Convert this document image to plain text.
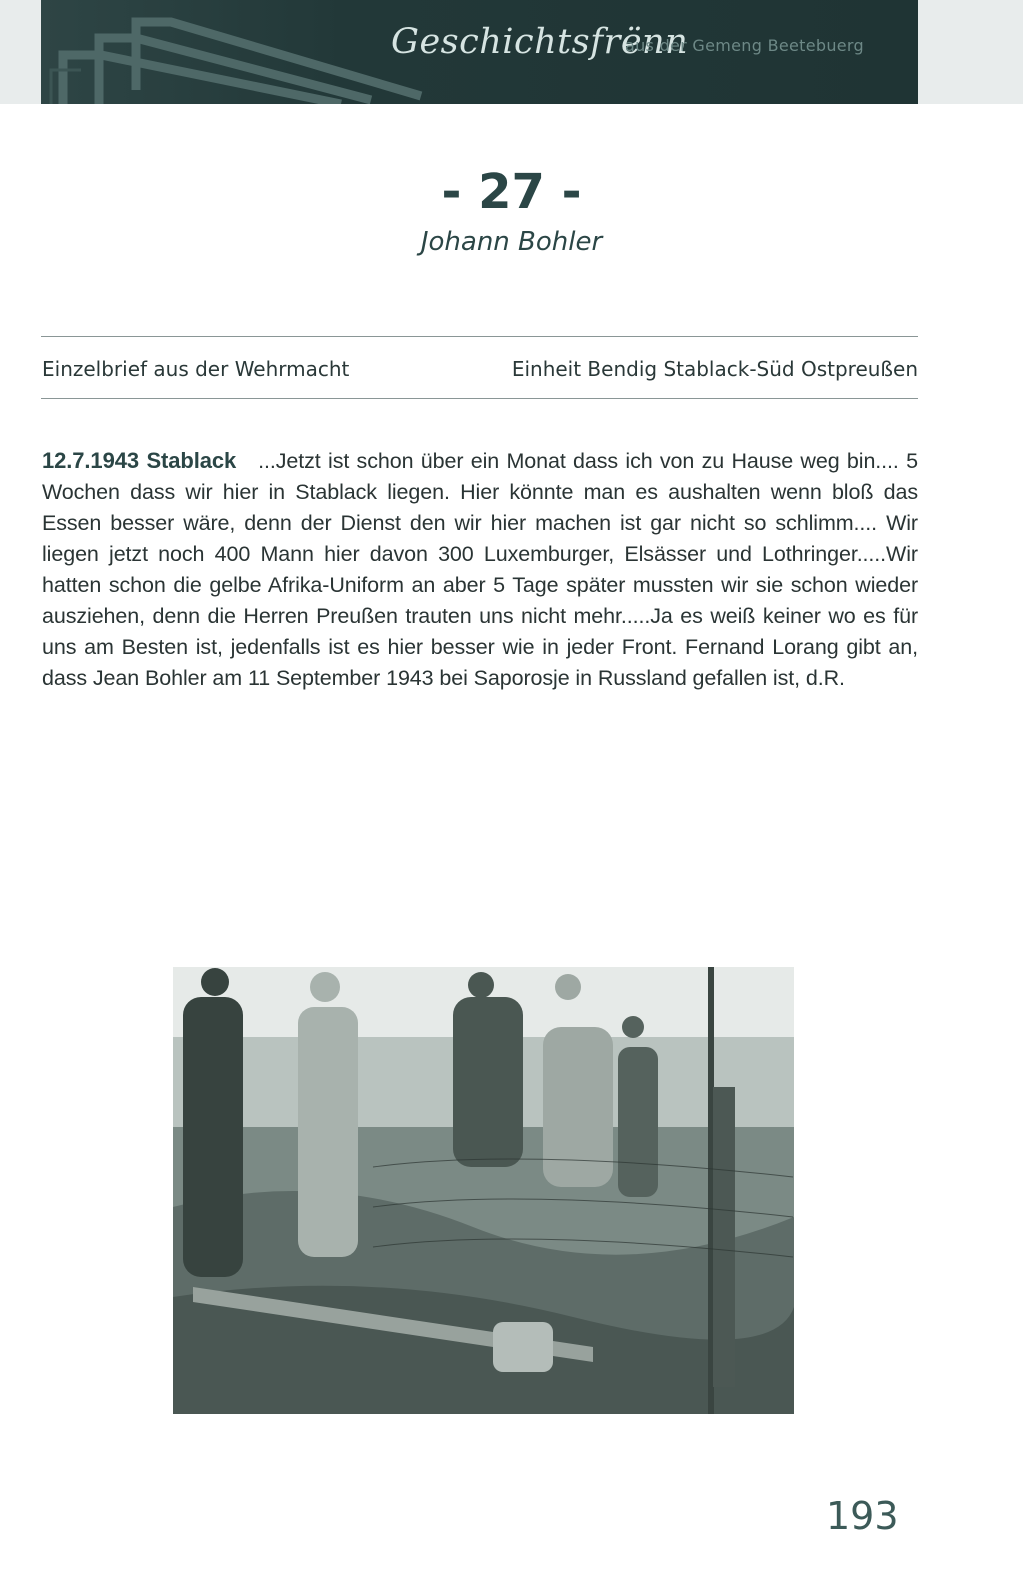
Geschichtsfrënn
aus der Gemeng Beetebuerg
- 27 -
Johann Bohler
Einzelbrief aus der Wehrmacht	Einheit Bendig Stablack-Süd Ostpreußen
12.7.1943 Stablack ...Jetzt ist schon über ein Monat dass ich von zu Hause weg bin.... 5 Wochen dass wir hier in Stablack liegen. Hier könnte man es aushalten wenn bloß das Essen besser wäre, denn der Dienst den wir hier machen ist gar nicht so schlimm.... Wir liegen jetzt noch 400 Mann hier davon 300 Luxemburger, Elsässer und Lothringer.....Wir hatten schon die gelbe Afrika-Uniform an aber 5 Tage später mussten wir sie schon wieder ausziehen, denn die Herren Preußen trauten uns nicht mehr.....Ja es weiß keiner wo es für uns am Besten ist, jedenfalls ist es hier besser wie in jeder Front. Fernand Lorang gibt an, dass Jean Bohler am 11 September 1943 bei Saporosje in Russland gefallen ist, d.R.
193
